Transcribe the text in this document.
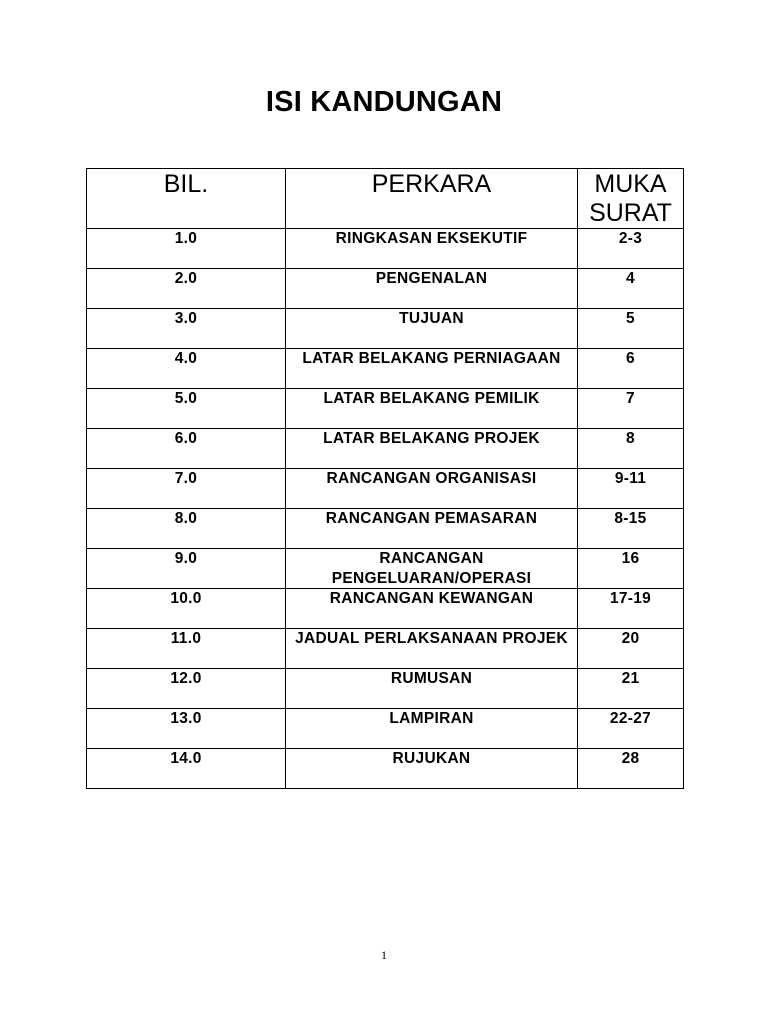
ISI KANDUNGAN
BIL.	PERKARA	MUKA SURAT
1.0	RINGKASAN EKSEKUTIF	2-3
2.0	PENGENALAN	4
3.0	TUJUAN	5
4.0	LATAR BELAKANG PERNIAGAAN	6
5.0	LATAR BELAKANG PEMILIK	7
6.0	LATAR BELAKANG PROJEK	8
7.0	RANCANGAN ORGANISASI	9-11
8.0	RANCANGAN PEMASARAN	8-15
9.0	RANCANGAN PENGELUARAN/OPERASI	16
10.0	RANCANGAN KEWANGAN	17-19
11.0	JADUAL PERLAKSANAAN PROJEK	20
12.0	RUMUSAN	21
13.0	LAMPIRAN	22-27
14.0	RUJUKAN	28
1
